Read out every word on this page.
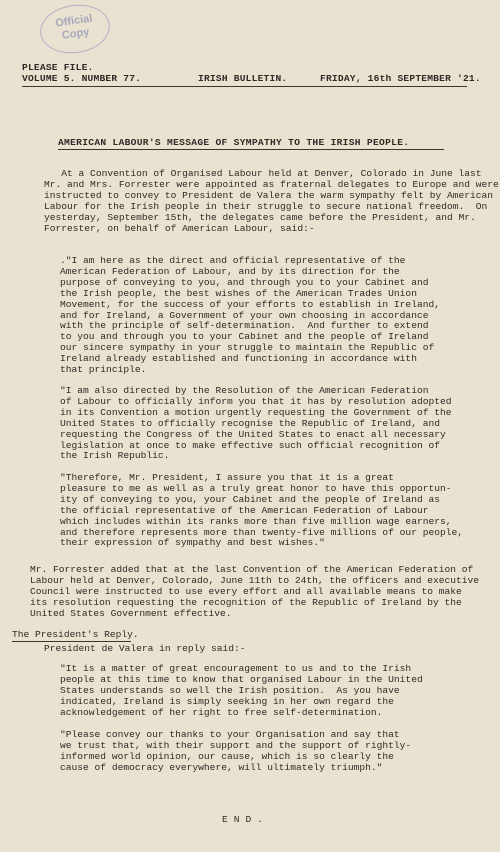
Official
Copy
PLEASE FILE.
VOLUME 5. NUMBER 77.	IRISH BULLETIN.	FRIDAY, 16th SEPTEMBER '21.
AMERICAN LABOUR'S MESSAGE OF SYMPATHY TO THE IRISH PEOPLE.
At a Convention of Organised Labour held at Denver, Colorado in June last
Mr. and Mrs. Forrester were appointed as fraternal delegates to Europe and were
instructed to convey to President de Valera the warm sympathy felt by American
Labour for the Irish people in their struggle to secure national freedom.  On
yesterday, September 15th, the delegates came before the President, and Mr.
Forrester, on behalf of American Labour, said:-
."I am here as the direct and official representative of the
American Federation of Labour, and by its direction for the
purpose of conveying to you, and through you to your Cabinet and
the Irish people, the best wishes of the American Trades Union
Movement, for the success of your efforts to establish in Ireland,
and for Ireland, a Government of your own choosing in accordance
with the principle of self-determination.  And further to extend
to you and through you to your Cabinet and the people of Ireland
our sincere sympathy in your struggle to maintain the Republic of
Ireland already established and functioning in accordance with
that principle.
"I am also directed by the Resolution of the American Federation
of Labour to officially inform you that it has by resolution adopted
in its Convention a motion urgently requesting the Government of the
United States to officially recognise the Republic of Ireland, and
requesting the Congress of the United States to enact all necessary
legislation at once to make effective such official recognition of
the Irish Republic.
"Therefore, Mr. President, I assure you that it is a great
pleasure to me as well as a truly great honor to have this opportun-
ity of conveying to you, your Cabinet and the people of Ireland as
the official representative of the American Federation of Labour
which includes within its ranks more than five million wage earners,
and therefore represents more than twenty-five millions of our people,
their expression of sympathy and best wishes."
Mr. Forrester added that at the last Convention of the American Federation of
Labour held at Denver, Colorado, June 11th to 24th, the officers and executive
Council were instructed to use every effort and all available means to make
its resolution requesting the recognition of the Republic of Ireland by the
United States Government effective.
The President's Reply.
President de Valera in reply said:-
"It is a matter of great encouragement to us and to the Irish
people at this time to know that organised Labour in the United
States understands so well the Irish position.  As you have
indicated, Ireland is simply seeking in her own regard the
acknowledgement of her right to free self-determination.
"Please convey our thanks to your Organisation and say that
we trust that, with their support and the support of rightly-
informed world opinion, our cause, which is so clearly the
cause of democracy everywhere, will ultimately triumph."
END.
